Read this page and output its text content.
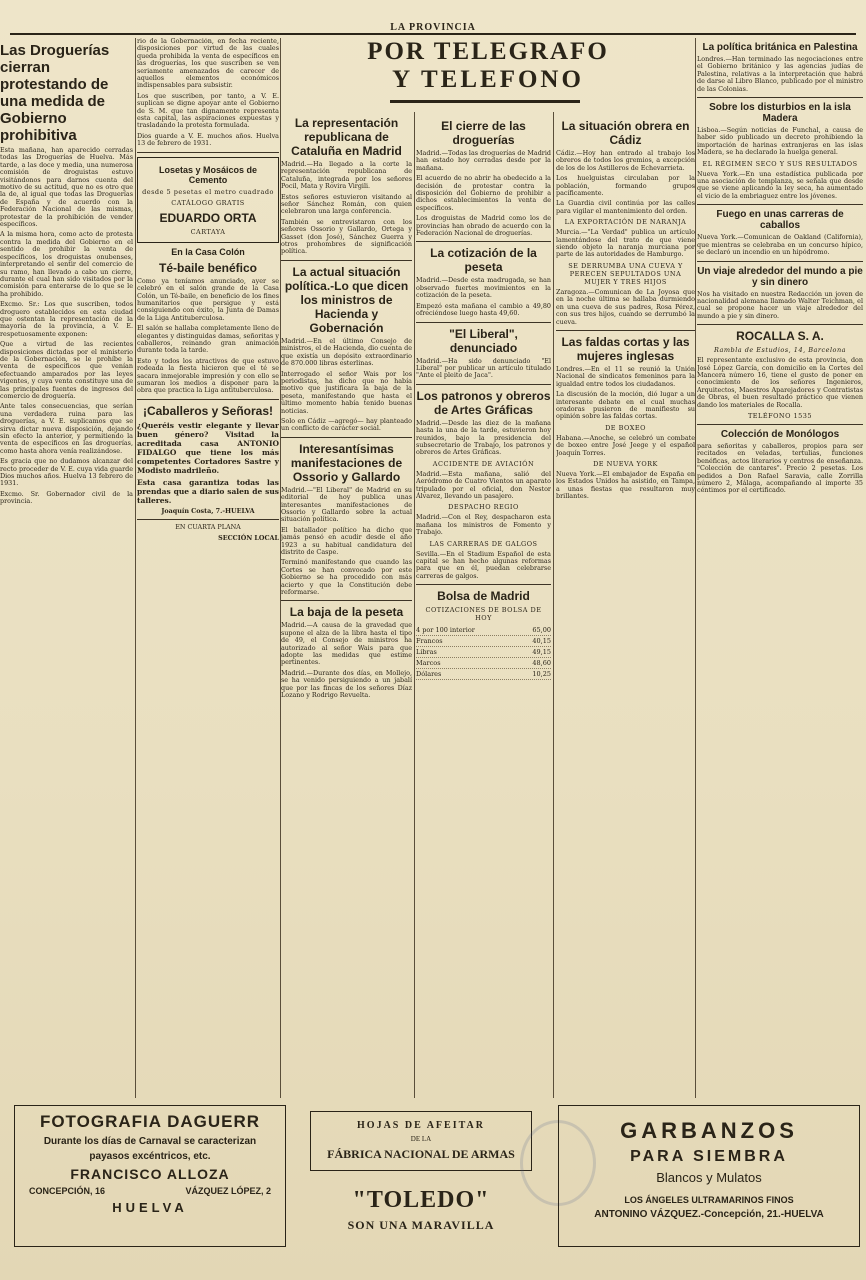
LA PROVINCIA
POR TELEGRAFO
Y TELEFONO
Las Droguerías cierran protestando de una medida de Gobierno prohibitiva

Esta mañana, han aparecido cerradas todas las Droguerías de Huelva. Más tarde, a las doce y media, una numerosa comisión de droguistas estuvo visitándonos para darnos cuenta del motivo de su actitud, que no es otro que la de, al igual que todas las Droguerías de España y de acuerdo con la Federación Nacional de las mismas, protestar de la prohibición de vender específicos.

A la misma hora, como acto de protesta contra la medida del Gobierno en el sentido de prohibir la venta de específicos, los droguistas onubenses, interpretando el sentir del comercio de su ramo, han llevado a cabo un cierre, durante el cual han sido visitados por la comisión para enterarse de lo que se le ha prohibido.

Excmo. Sr.: Los que suscriben, todos droguero establecidos en esta ciudad que ostentan la representación de la mayoría de la provincia, a V. E. respetuosamente exponen:

Que a virtud de las recientes disposiciones dictadas por el ministerio de la Gobernación, se le prohíbe la venta de específicos que venían efectuando amparados por las leyes vigentes, y cuya venta constituye una de las principales fuentes de ingresos del comercio de droguería.

Ante tales consecuencias, que serían una verdadera ruina para las droguerías, a V. E. suplicamos que se sirva dictar nueva disposición, dejando sin efecto la anterior, y permitiendo la venta de específicos en las droguerías, como hasta ahora venía realizándose.

Es gracia que no dudamos alcanzar del recto proceder de V. E. cuya vida guarde Dios muchos años. Huelva 13 febrero de 1931.

Excmo. Sr. Gobernador civil de la provincia.

rio de la Gobernación, en fecha reciente, disposiciones por virtud de las cuales queda prohibida la venta de específicos en las droguerías, los que suscriben se ven seriamente amenazados de carecer de aquellos elementos económicos indispensables para subsistir.

Los que suscriben, por tanto, a V. E. suplican se digne apoyar ante el Gobierno de S. M. que tan dignamente representa esta capital, las aspiraciones expuestas y trasladando la protesta formulada.

Dios guarde a V. E. muchos años. Huelva 13 de febrero de 1931.

Losetas y Mosáicos de Cemento
desde 5 pesetas el metro cuadrado
CATÁLOGO GRATIS
EDUARDO ORTA
CARTAYA
En la Casa Colón
Té-baile benéfico

Como ya teníamos anunciado, ayer se celebró en el salón grande de la Casa Colón, un Té-baile, en beneficio de los fines humanitarios que persigue y está consiguiendo con éxito, la Junta de Damas de la Liga Antituberculosa.

El salón se hallaba completamente lleno de elegantes y distinguidas damas, señoritas y caballeros, reinando gran animación durante toda la tarde.

Esto y todos los atractivos de que estuvo rodeada la fiesta hicieron que el té se sacara inmejorable impresión y con ello se sumaran los medios a disponer para la obra que practica la Liga antituberculosa.

¡Caballeros y Señoras!

¿Queréis vestir elegante y llevar buen género? Visitad la acreditada casa ANTONIO FIDALGO que tiene los más competentes Cortadores Sastre y Modisto madrileño.

Esta casa garantiza todas las prendas que a diario salen de sus talleres.

Joaquín Costa, 7.-HUELVA

EN CUARTA PLANA

SECCIÓN LOCAL

La representación republicana de Cataluña en Madrid

Madrid.—Ha llegado a la corte la representación republicana de Cataluña, integrada por los señores Pocil, Mata y Rovira Virgili.

Estos señores estuvieron visitando al señor Sánchez Román, con quien celebraron una larga conferencia.

También se entrevistaron con los señores Ossorio y Gallardo, Ortega y Gasset (don José), Sánchez Guerra y otros prohombres de significación política.

La actual situación política.-Lo que dicen los ministros de Hacienda y Gobernación

Madrid.—En el último Consejo de ministros, el de Hacienda, dio cuenta de que existía un depósito extraordinario de 870.000 libras esterlinas.

Interrogado el señor Wais por los periodistas, ha dicho que no había motivo que justificara la baja de la peseta, manifestando que hasta el último momento había tenido buenas noticias.

Solo en Cádiz —agregó— hay planteado un conflicto de carácter social.

Interesantísimas manifestaciones de Ossorio y Gallardo

Madrid.—"El Liberal" de Madrid en su editorial de hoy publica unas interesantes manifestaciones de Ossorio y Gallardo sobre la actual situación política.

El batallador político ha dicho que jamás pensó en acudir desde el año 1923 a su habitual candidatura del distrito de Caspe.

Terminó manifestando que cuando las Cortes se han convocado por este Gobierno se ha procedido con más acierto y que la Constitución debe reformarse.

La baja de la peseta

Madrid.—A causa de la gravedad que supone el alza de la libra hasta el tipo de 49, el Consejo de ministros ha autorizado al señor Wais para que adopte las medidas que estime pertinentes.

Madrid.—Durante dos días, en Mollejo, se ha venido persiguiendo a un jabalí que por las fincas de los señores Díaz Lozano y Rodrigo Revuelta.

El cierre de las droguerías

Madrid.—Todas las droguerías de Madrid han estado hoy cerradas desde por la mañana.

El acuerdo de no abrir ha obedecido a la decisión de protestar contra la disposición del Gobierno de prohibir a dichos establecimientos la venta de específicos.

Los droguistas de Madrid como los de provincias han obrado de acuerdo con la Federación Nacional de droguerías.

La cotización de la peseta

Madrid.—Desde esta madrugada, se han observado fuertes movimientos en la cotización de la peseta.

Empezó esta mañana el cambio a 49,80 ofreciéndose luego hasta 49,60.

"El Liberal", denunciado

Madrid.—Ha sido denunciado "El Liberal" por publicar un artículo titulado "Ante el pleito de Jaca".

Los patronos y obreros de Artes Gráficas

Madrid.—Desde las diez de la mañana hasta la una de la tarde, estuvieron hoy reunidos, bajo la presidencia del subsecretario de Trabajo, los patronos y obreros de Artes Gráficas.

ACCIDENTE DE AVIACIÓN

Madrid.—Esta mañana, salió del Aeródromo de Cuatro Vientos un aparato tripulado por el oficial, don Nestor Álvarez, llevando un pasajero.

DESPACHO REGIO

Madrid.—Con el Rey, despacharon esta mañana los ministros de Fomento y Trabajo.

LAS CARRERAS DE GALGOS

Sevilla.—En el Stadium Español de esta capital se han hecho algunas reformas para que en él, puedan celebrarse carreras de galgos.

Bolsa de Madrid
COTIZACIONES DE BOLSA DE HOY
4 por 100 interior	65,00
Francos	40,15
Libras	49,15
Marcos	48,60
Dólares	10,25
La situación obrera en Cádiz

Cádiz.—Hoy han entrado al trabajo los obreros de todos los gremios, a excepción de los de los Astilleros de Echevarrieta.

Los huelguistas circulaban por la población, formando grupos pacíficamente.

La Guardia civil continúa por las calles para vigilar el mantenimiento del orden.

LA EXPORTACIÓN DE NARANJA

Murcia.—"La Verdad" publica un artículo lamentándose del trato de que viene siendo objeto la naranja murciana por parte de las autoridades de Hamburgo.

SE DERRUMBA UNA CUEVA Y PERECEN SEPULTADOS UNA MUJER Y TRES HIJOS

Zaragoza.—Comunican de La Joyosa que en la noche última se hallaba durmiendo en una cueva de sus padres, Rosa Pérez, con sus tres hijos, cuando se derrumbó la cueva.

Las faldas cortas y las mujeres inglesas

Londres.—En el 11 se reunió la Unión Nacional de sindicatos femeninos para la igualdad entre todos los ciudadanos.

La discusión de la moción, dió lugar a un interesante debate en el cual muchas oradoras pusieron de manifiesto su opinión sobre las faldas cortas.

DE BOXEO

Habana.—Anoche, se celebró un combate de boxeo entre José Jeege y el español Joaquín Torres.

DE NUEVA YORK

Nueva York.—El embajador de España en los Estados Unidos ha asistido, en Tampa, a unas fiestas que resultaron muy brillantes.

La política británica en Palestina

Londres.—Han terminado las negociaciones entre el Gobierno británico y las agencias judías de Palestina, relativas a la interpretación que habrá de darse al Libro Blanco, publicado por el ministro de las Colonias.

Sobre los disturbios en la isla Madera

Lisboa.—Según noticias de Funchal, a causa de haber sido publicado un decreto prohibiendo la importación de harinas extranjeras en las islas Madera, se ha declarado la huelga general.

EL RÉGIMEN SECO Y SUS RESULTADOS

Nueva York.—En una estadística publicada por una asociación de templanza, se señala que desde que se viene aplicando la ley seca, ha aumentado el vicio de la embriaguez entre los jóvenes.

Fuego en unas carreras de caballos

Nueva York.—Comunican de Oakland (California), que mientras se celebraba en un concurso hípico, se declaró un incendio en un hipódromo.

Un viaje alrededor del mundo a pie y sin dinero

Nos ha visitado en nuestra Redacción un joven de nacionalidad alemana llamado Walter Teichman, el cual se propone hacer un viaje alrededor del mundo a pie y sin dinero.

ROCALLA S. A.
Rambla de Estudios, 14, Barcelona

El representante exclusivo de esta provincia, don José López García, con domicilio en la Cortes del Mancera número 16, tiene el gusto de poner en conocimiento de los señores Ingenieros, Arquitectos, Maestros Aparejadores y Contratistas de Obras, el buen resultado práctico que vienen dando los materiales de Rocalla.

TELÉFONO 1535
Colección de Monólogos

para señoritas y caballeros, propios para ser recitados en veladas, tertulias, funciones benéficas, actos literarios y centros de enseñanza. "Colección de cantares". Precio 2 pesetas. Los pedidos a Don Rafael Saravia, calle Zorrilla número 2, Málaga, acompañando al importe 35 céntimos por el certificado.

FOTOGRAFIA DAGUERR
Durante los días de Carnaval se caracterizan
payasos excéntricos, etc.
FRANCISCO ALLOZA
CONCEPCIÓN, 16	VÁZQUEZ LÓPEZ, 2
HUELVA
HOJAS DE AFEITAR
DE LA
FÁBRICA NACIONAL DE ARMAS
"TOLEDO"
SON UNA MARAVILLA
GARBANZOS
PARA SIEMBRA
Blancos y Mulatos
LOS ÁNGELES ULTRAMARINOS FINOS
ANTONINO VÁZQUEZ.-Concepción, 21.-HUELVA
